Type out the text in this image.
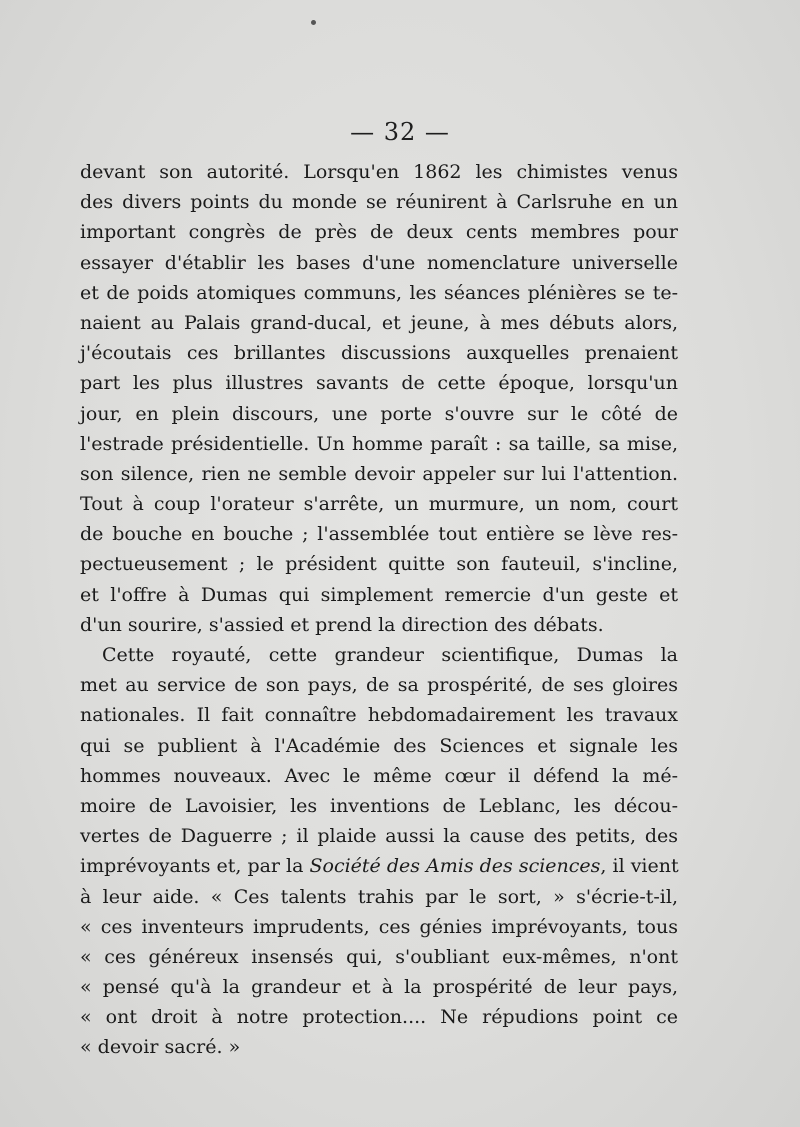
— 32 —
devant son autorité. Lorsqu'en 1862 les chimistes venus
des divers points du monde se réunirent à Carlsruhe en un
important congrès de près de deux cents membres pour
essayer d'établir les bases d'une nomenclature universelle
et de poids atomiques communs, les séances plénières se te-
naient au Palais grand-ducal, et jeune, à mes débuts alors,
j'écoutais ces brillantes discussions auxquelles prenaient
part les plus illustres savants de cette époque, lorsqu'un
jour, en plein discours, une porte s'ouvre sur le côté de
l'estrade présidentielle. Un homme paraît : sa taille, sa mise,
son silence, rien ne semble devoir appeler sur lui l'attention.
Tout à coup l'orateur s'arrête, un murmure, un nom, court
de bouche en bouche ; l'assemblée tout entière se lève res-
pectueusement ; le président quitte son fauteuil, s'incline,
et l'offre à Dumas qui simplement remercie d'un geste et
d'un sourire, s'assied et prend la direction des débats.
Cette royauté, cette grandeur scientifique, Dumas la
met au service de son pays, de sa prospérité, de ses gloires
nationales. Il fait connaître hebdomadairement les travaux
qui se publient à l'Académie des Sciences et signale les
hommes nouveaux. Avec le même cœur il défend la mé-
moire de Lavoisier, les inventions de Leblanc, les décou-
vertes de Daguerre ; il plaide aussi la cause des petits, des
imprévoyants et, par la Société des Amis des sciences, il vient
à leur aide. « Ces talents trahis par le sort, » s'écrie-t-il,
« ces inventeurs imprudents, ces génies imprévoyants, tous
« ces généreux insensés qui, s'oubliant eux-mêmes, n'ont
« pensé qu'à la grandeur et à la prospérité de leur pays,
« ont droit à notre protection.... Ne répudions point ce
« devoir sacré. »
